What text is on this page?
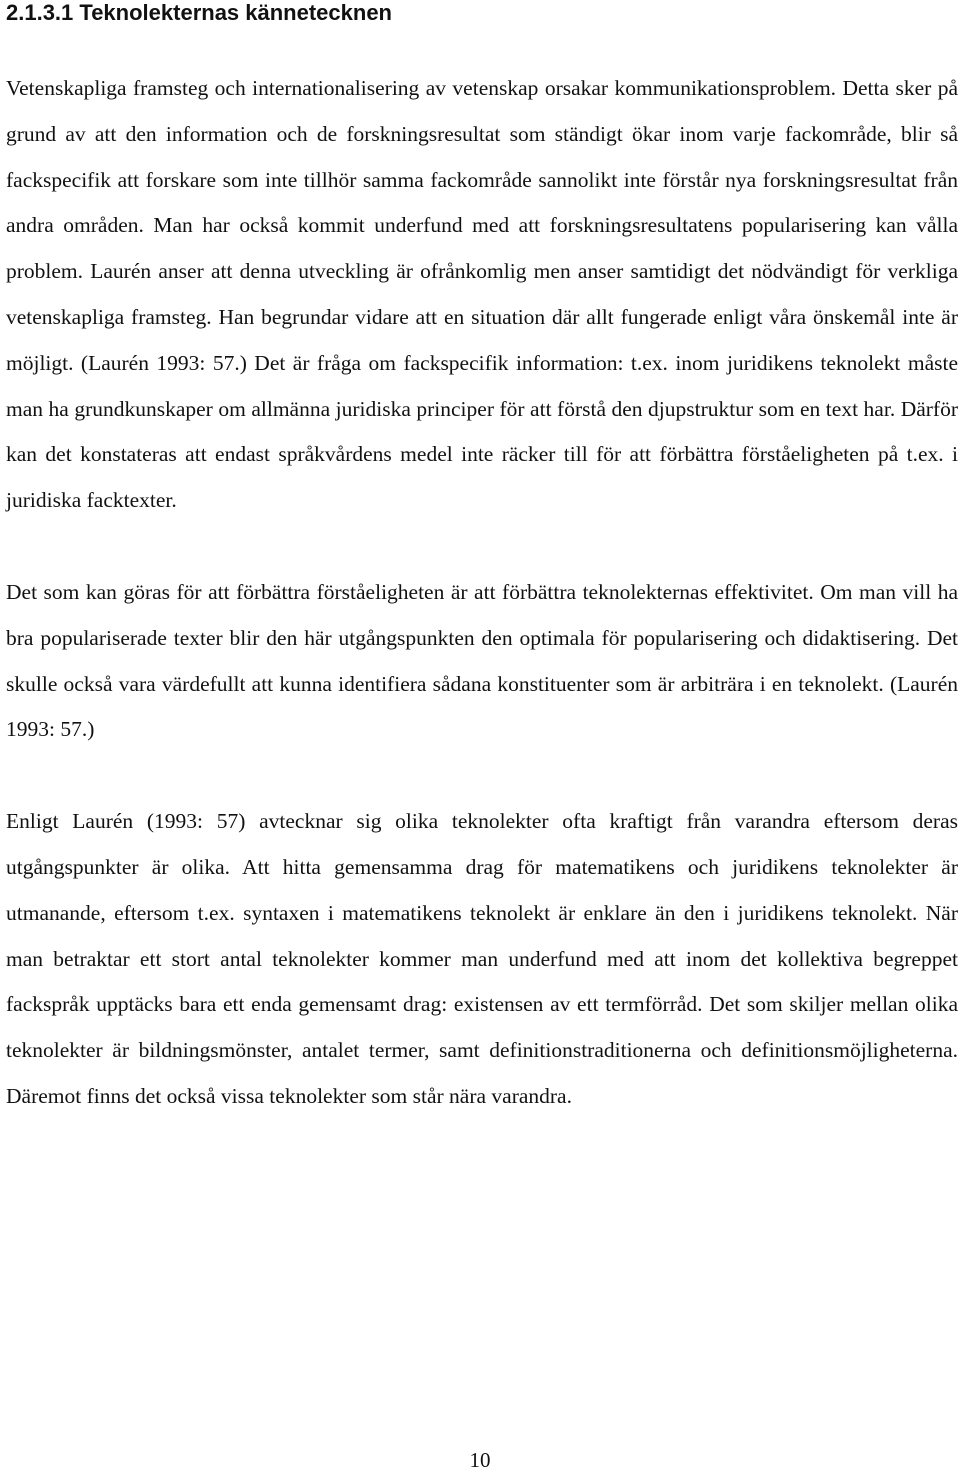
2.1.3.1 Teknolekternas kännetecknen

Vetenskapliga framsteg och internationalisering av vetenskap orsakar kommunikationsproblem. Detta sker på grund av att den information och de forskningsresultat som ständigt ökar inom varje fackområde, blir så fackspecifik att forskare som inte tillhör samma fackområde sannolikt inte förstår nya forskningsresultat från andra områden. Man har också kommit underfund med att forskningsresultatens popularisering kan vålla problem. Laurén anser att denna utveckling är ofrånkomlig men anser samtidigt det nödvändigt för verkliga vetenskapliga framsteg. Han begrundar vidare att en situation där allt fungerade enligt våra önskemål inte är möjligt. (Laurén 1993: 57.) Det är fråga om fackspecifik information: t.ex. inom juridikens teknolekt måste man ha grundkunskaper om allmänna juridiska principer för att förstå den djupstruktur som en text har. Därför kan det konstateras att endast språkvårdens medel inte räcker till för att förbättra förståeligheten på t.ex. i juridiska facktexter.

Det som kan göras för att förbättra förståeligheten är att förbättra teknolekternas effektivitet. Om man vill ha bra populariserade texter blir den här utgångspunkten den optimala för popularisering och didaktisering. Det skulle också vara värdefullt att kunna identifiera sådana konstituenter som är arbiträra i en teknolekt. (Laurén 1993: 57.)

Enligt Laurén (1993: 57) avtecknar sig olika teknolekter ofta kraftigt från varandra eftersom deras utgångspunkter är olika. Att hitta gemensamma drag för matematikens och juridikens teknolekter är utmanande, eftersom t.ex. syntaxen i matematikens teknolekt är enklare än den i juridikens teknolekt. När man betraktar ett stort antal teknolekter kommer man underfund med att inom det kollektiva begreppet fackspråk upptäcks bara ett enda gemensamt drag: existensen av ett termförråd. Det som skiljer mellan olika teknolekter är bildningsmönster, antalet termer, samt definitionstraditionerna och definitionsmöjligheterna. Däremot finns det också vissa teknolekter som står nära varandra.

10
